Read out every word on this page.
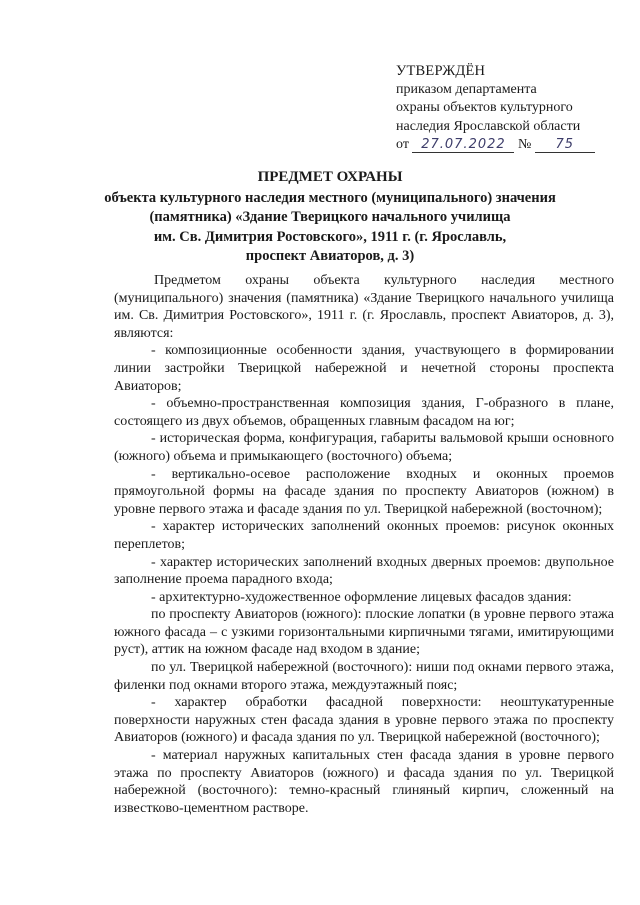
УТВЕРЖДЁН
приказом департамента
охраны объектов культурного
наследия Ярославской области
от 27.07.2022 № 75
ПРЕДМЕТ ОХРАНЫ
объекта культурного наследия местного (муниципального) значения
(памятника) «Здание Тверицкого начального училища
им. Св. Димитрия Ростовского», 1911 г. (г. Ярославль,
проспект Авиаторов, д. 3)

Предметом охраны объекта культурного наследия местного (муниципального) значения (памятника) «Здание Тверицкого начального училища им. Св. Димитрия Ростовского», 1911 г. (г. Ярославль, проспект Авиаторов, д. 3), являются:

- композиционные особенности здания, участвующего в формировании линии застройки Тверицкой набережной и нечетной стороны проспекта Авиаторов;

- объемно-пространственная композиция здания, Г-образного в плане, состоящего из двух объемов, обращенных главным фасадом на юг;

- историческая форма, конфигурация, габариты вальмовой крыши основного (южного) объема и примыкающего (восточного) объема;

- вертикально-осевое расположение входных и оконных проемов прямоугольной формы на фасаде здания по проспекту Авиаторов (южном) в уровне первого этажа и фасаде здания по ул. Тверицкой набережной (восточном);

- характер исторических заполнений оконных проемов: рисунок оконных переплетов;

- характер исторических заполнений входных дверных проемов: двупольное заполнение проема парадного входа;

- архитектурно-художественное оформление лицевых фасадов здания:

по проспекту Авиаторов (южного): плоские лопатки (в уровне первого этажа южного фасада – с узкими горизонтальными кирпичными тягами, имитирующими руст), аттик на южном фасаде над входом в здание;

по ул. Тверицкой набережной (восточного): ниши под окнами первого этажа, филенки под окнами второго этажа, междуэтажный пояс;

- характер обработки фасадной поверхности: неоштукатуренные поверхности наружных стен фасада здания в уровне первого этажа по проспекту Авиаторов (южного) и фасада здания по ул. Тверицкой набережной (восточного);

- материал наружных капитальных стен фасада здания в уровне первого этажа по проспекту Авиаторов (южного) и фасада здания по ул. Тверицкой набережной (восточного): темно-красный глиняный кирпич, сложенный на известково-цементном растворе.
